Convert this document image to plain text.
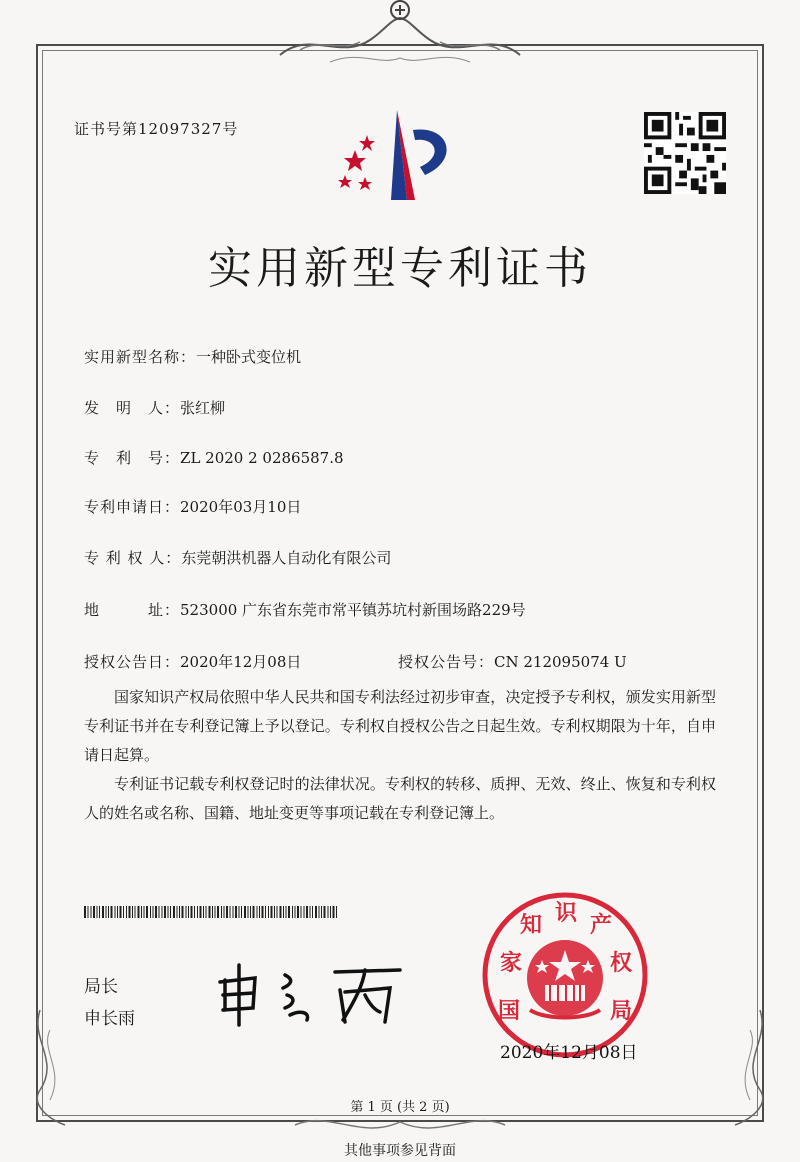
证书号第12097327号
实用新型专利证书
实用新型名称：一种卧式变位机
发　明　人：张红柳
专　利　号：ZL 2020 2 0286587.8
专利申请日：2020年03月10日
专 利 权 人：东莞朝洪机器人自动化有限公司
地　　　址：523000 广东省东莞市常平镇苏坑村新围场路229号
授权公告日：2020年12月08日	授权公告号：CN 212095074 U
国家知识产权局依照中华人民共和国专利法经过初步审查，决定授予专利权，颁发实用新型专利证书并在专利登记簿上予以登记。专利权自授权公告之日起生效。专利权期限为十年，自申请日起算。
专利证书记载专利权登记时的法律状况。专利权的转移、质押、无效、终止、恢复和专利权人的姓名或名称、国籍、地址变更等事项记载在专利登记簿上。
局长
申长雨	国 家 知 识 产 权 局
2020年12月08日
第 1 页 (共 2 页)
其他事项参见背面
